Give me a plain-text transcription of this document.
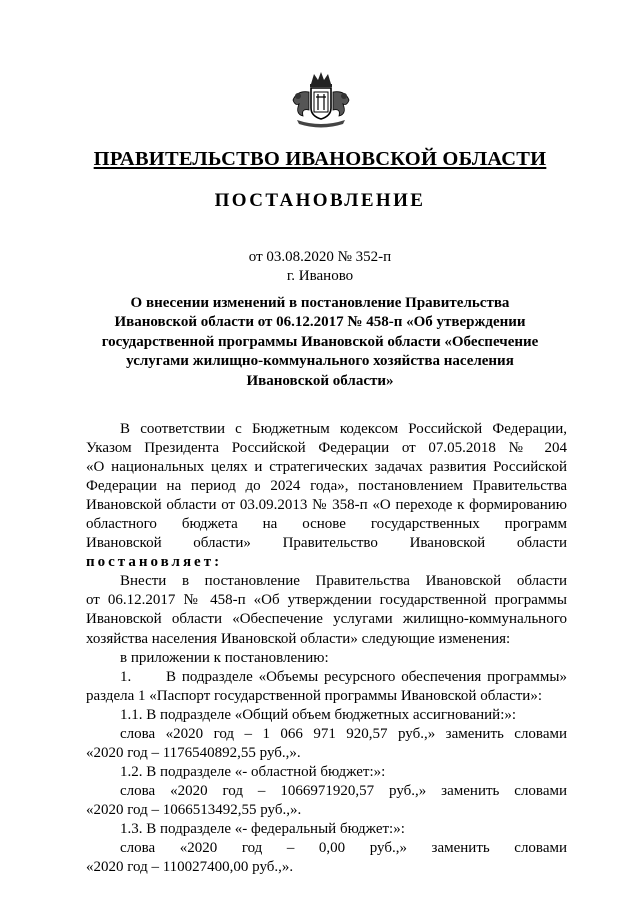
ПРАВИТЕЛЬСТВО ИВАНОВСКОЙ ОБЛАСТИ
ПОСТАНОВЛЕНИЕ
от 03.08.2020 № 352-п
г. Иваново
О внесении изменений в постановление Правительства
Ивановской области от 06.12.2017 № 458-п «Об утверждении
государственной программы Ивановской области «Обеспечение
услугами жилищно-коммунального хозяйства населения
Ивановской области»

В соответствии с Бюджетным кодексом Российской Федерации,

Указом Президента Российской Федерации от 07.05.2018 № 204

«О национальных целях и стратегических задачах развития Российской

Федерации на период до 2024 года», постановлением Правительства

Ивановской области от 03.09.2013 № 358-п «О переходе к формированию

областного бюджета на основе государственных программ

Ивановской области» Правительство Ивановской области

постановляет:

Внести в постановление Правительства Ивановской области

от 06.12.2017 № 458-п «Об утверждении государственной программы

Ивановской области «Обеспечение услугами жилищно-коммунального

хозяйства населения Ивановской области» следующие изменения:

в приложении к постановлению:

1.      В подразделе «Объемы ресурсного обеспечения программы»

раздела 1 «Паспорт государственной программы Ивановской области»:

1.1. В подразделе «Общий объем бюджетных ассигнований:»:

слова «2020 год – 1 066 971 920,57 руб.,» заменить словами

«2020 год – 1176540892,55 руб.,».

1.2. В подразделе «- областной бюджет:»:

слова «2020 год – 1066971920,57 руб.,» заменить словами

«2020 год – 1066513492,55 руб.,».

1.3. В подразделе «- федеральный бюджет:»:

слова «2020 год – 0,00 руб.,» заменить словами

«2020 год – 110027400,00 руб.,».
